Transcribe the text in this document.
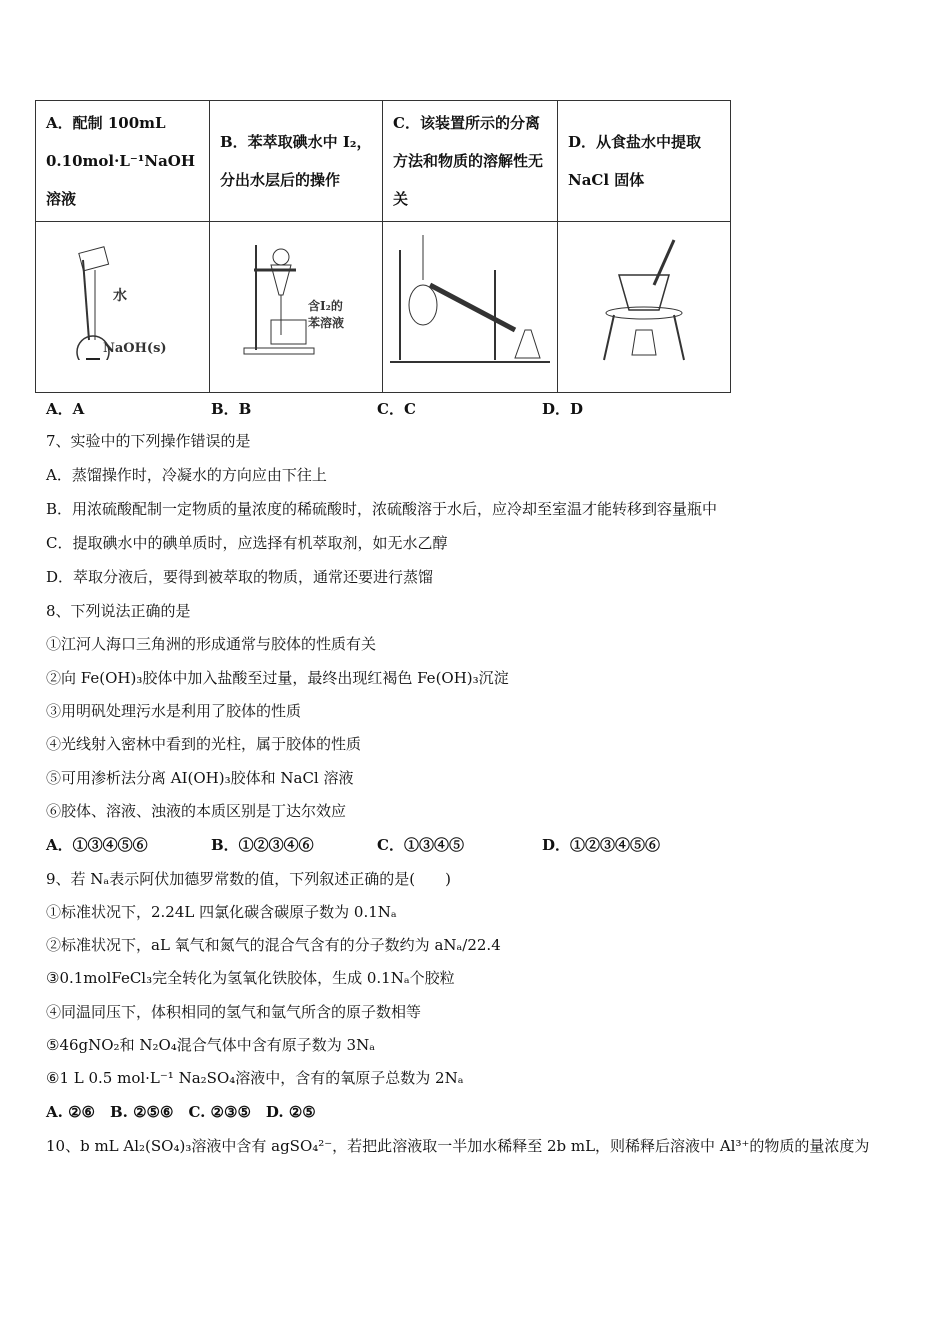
A．配制 100mL 0.10mol·L⁻¹NaOH 溶液	B．苯萃取碘水中 I₂，分出水层后的操作	C．该装置所示的分离方法和物质的溶解性无关	D．从食盐水中提取 NaCl 固体

水
NaOH(s)	含I₂的
苯溶液

A．A	B．B	C．C	D．D
7、实验中的下列操作错误的是
A．蒸馏操作时，冷凝水的方向应由下往上
B．用浓硫酸配制一定物质的量浓度的稀硫酸时，浓硫酸溶于水后，应冷却至室温才能转移到容量瓶中
C．提取碘水中的碘单质时，应选择有机萃取剂，如无水乙醇
D．萃取分液后，要得到被萃取的物质，通常还要进行蒸馏
8、下列说法正确的是
①江河人海口三角洲的形成通常与胶体的性质有关
②向 Fe(OH)₃胶体中加入盐酸至过量，最终出现红褐色 Fe(OH)₃沉淀
③用明矾处理污水是利用了胶体的性质
④光线射入密林中看到的光柱，属于胶体的性质
⑤可用渗析法分离 AI(OH)₃胶体和 NaCl 溶液
⑥胶体、溶液、浊液的本质区别是丁达尔效应
A．①③④⑤⑥	B．①②③④⑥	C．①③④⑤	D．①②③④⑤⑥
9、若 Nₐ表示阿伏加德罗常数的值，下列叙述正确的是(　　)
①标准状况下，2.24L 四氯化碳含碳原子数为 0.1Nₐ
②标准状况下，aL 氧气和氮气的混合气含有的分子数约为 aNₐ/22.4
③0.1molFeCl₃完全转化为氢氧化铁胶体，生成 0.1Nₐ个胶粒
④同温同压下，体积相同的氢气和氩气所含的原子数相等
⑤46gNO₂和 N₂O₄混合气体中含有原子数为 3Nₐ
⑥1 L 0.5 mol·L⁻¹ Na₂SO₄溶液中，含有的氧原子总数为 2Nₐ
A. ②⑥　B. ②⑤⑥　C. ②③⑤　D. ②⑤
10、b mL Al₂(SO₄)₃溶液中含有 agSO₄²⁻，若把此溶液取一半加水稀释至 2b mL，则稀释后溶液中 Al³⁺的物质的量浓度为
